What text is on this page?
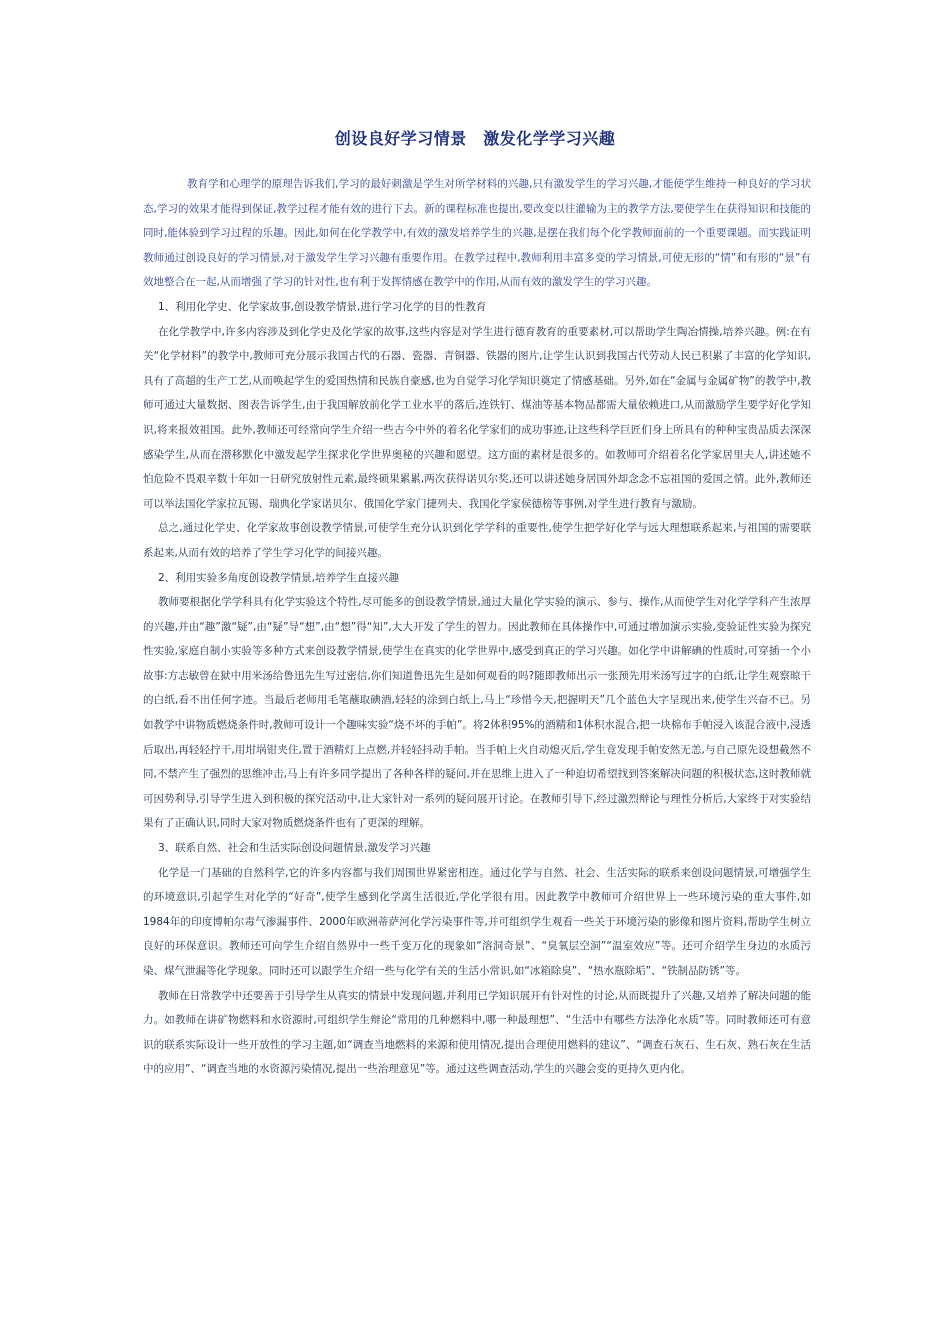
创设良好学习情景　激发化学学习兴趣

教育学和心理学的原理告诉我们,学习的最好刺激是学生对所学材料的兴趣,只有激发学生的学习兴趣,才能使学生维持一种良好的学习状态,学习的效果才能得到保证,教学过程才能有效的进行下去。新的课程标准也提出,要改变以往灌输为主的教学方法,要使学生在获得知识和技能的同时,能体验到学习过程的乐趣。因此,如何在化学教学中,有效的激发培养学生的兴趣,是摆在我们每个化学教师面前的一个重要课题。而实践证明教师通过创设良好的学习情景,对于激发学生学习兴趣有重要作用。在教学过程中,教师利用丰富多变的学习情景,可使无形的“情”和有形的“景”有效地整合在一起,从而增强了学习的针对性,也有利于发挥情感在教学中的作用,从而有效的激发学生的学习兴趣。

1、利用化学史、化学家故事,创设教学情景,进行学习化学的目的性教育

在化学教学中,许多内容涉及到化学史及化学家的故事,这些内容是对学生进行德育教育的重要素材,可以帮助学生陶冶情操,培养兴趣。例:在有关“化学材料”的教学中,教师可充分展示我国古代的石器、瓷器、青铜器、铁器的图片,让学生认识到我国古代劳动人民已积累了丰富的化学知识,具有了高超的生产工艺,从而唤起学生的爱国热情和民族自豪感,也为自觉学习化学知识奠定了情感基础。另外,如在“金属与金属矿物”的教学中,教师可通过大量数据、图表告诉学生,由于我国解放前化学工业水平的落后,连铁钉、煤油等基本物品都需大量依赖进口,从而激励学生要学好化学知识,将来报效祖国。此外,教师还可经常向学生介绍一些古今中外的着名化学家们的成功事迹,让这些科学巨匠们身上所具有的种种宝贵品质去深深感染学生,从而在潜移默化中激发起学生探求化学世界奥秘的兴趣和愿望。这方面的素材是很多的。如教师可介绍着名化学家居里夫人,讲述她不怕危险不畏艰辛数十年如一日研究放射性元素,最终硕果累累,两次获得诺贝尔奖,还可以讲述她身居国外却念念不忘祖国的爱国之情。此外,教师还可以举法国化学家拉瓦锡、瑞典化学家诺贝尔、俄国化学家门捷列夫、我国化学家侯德榜等事例,对学生进行教育与激励。

总之,通过化学史、化学家故事创设教学情景,可使学生充分认识到化学学科的重要性,使学生把学好化学与远大理想联系起来,与祖国的需要联系起来,从而有效的培养了学生学习化学的间接兴趣。

2、利用实验多角度创设教学情景,培养学生直接兴趣

教师要根据化学学科具有化学实验这个特性,尽可能多的创设教学情景,通过大量化学实验的演示、参与、操作,从而使学生对化学学科产生浓厚的兴趣,并由“趣”激“疑”,由“疑”导“想”,由“想”得“知”,大大开发了学生的智力。因此教师在具体操作中,可通过增加演示实验,变验证性实验为探究性实验,家庭自制小实验等多种方式来创设教学情景,使学生在真实的化学世界中,感受到真正的学习兴趣。如化学中讲解碘的性质时,可穿插一个小故事:方志敏曾在狱中用米汤给鲁迅先生写过密信,你们知道鲁迅先生是如何观看的吗?随即教师出示一张预先用米汤写过字的白纸,让学生观察晾干的白纸,看不出任何字迹。当最后老师用毛笔蘸取碘酒,轻轻的涂到白纸上,马上“珍惜今天,把握明天”几个蓝色大字呈现出来,使学生兴奋不已。另如教学中讲物质燃烧条件时,教师可设计一个趣味实验“烧不坏的手帕”。将2体积95%的酒精和1体积水混合,把一块棉布手帕浸入该混合液中,浸透后取出,再轻轻拧干,用坩埚钳夹住,置于酒精灯上点燃,并轻轻抖动手帕。当手帕上火自动熄灭后,学生竟发现手帕安然无恙,与自己原先设想截然不同,不禁产生了强烈的思维冲击,马上有许多同学提出了各种各样的疑问,并在思维上进入了一种迫切希望找到答案解决问题的积极状态,这时教师就可因势利导,引导学生进入到积极的探究活动中,让大家针对一系列的疑问展开讨论。在教师引导下,经过激烈辩论与理性分析后,大家终于对实验结果有了正确认识,同时大家对物质燃烧条件也有了更深的理解。

3、联系自然、社会和生活实际创设问题情景,激发学习兴趣

化学是一门基础的自然科学,它的许多内容都与我们周围世界紧密相连。通过化学与自然、社会、生活实际的联系来创设问题情景,可增强学生的环境意识,引起学生对化学的“好奇”,使学生感到化学离生活很近,学化学很有用。因此教学中教师可介绍世界上一些环境污染的重大事件,如1984年的印度博帕尔毒气渗漏事件、2000年欧洲蒂萨河化学污染事件等,并可组织学生观看一些关于环境污染的影像和图片资料,帮助学生树立良好的环保意识。教师还可向学生介绍自然界中一些千变万化的现象如“溶洞奇景”、“臭氧层空洞”“温室效应”等。还可介绍学生身边的水质污染、煤气泄漏等化学现象。同时还可以跟学生介绍一些与化学有关的生活小常识,如“冰箱除臭”、“热水瓶除垢”、“铁制品防锈”等。

教师在日常教学中还要善于引导学生从真实的情景中发现问题,并利用已学知识展开有针对性的讨论,从而既提升了兴趣,又培养了解决问题的能力。如教师在讲矿物燃料和水资源时,可组织学生辩论“常用的几种燃料中,哪一种最理想”、“生活中有哪些方法净化水质”等。同时教师还可有意识的联系实际设计一些开放性的学习主题,如“调查当地燃料的来源和使用情况,提出合理使用燃料的建议”、“调查石灰石、生石灰、熟石灰在生活中的应用”、“调查当地的水资源污染情况,提出一些治理意见”等。通过这些调查活动,学生的兴趣会变的更持久更内化。
